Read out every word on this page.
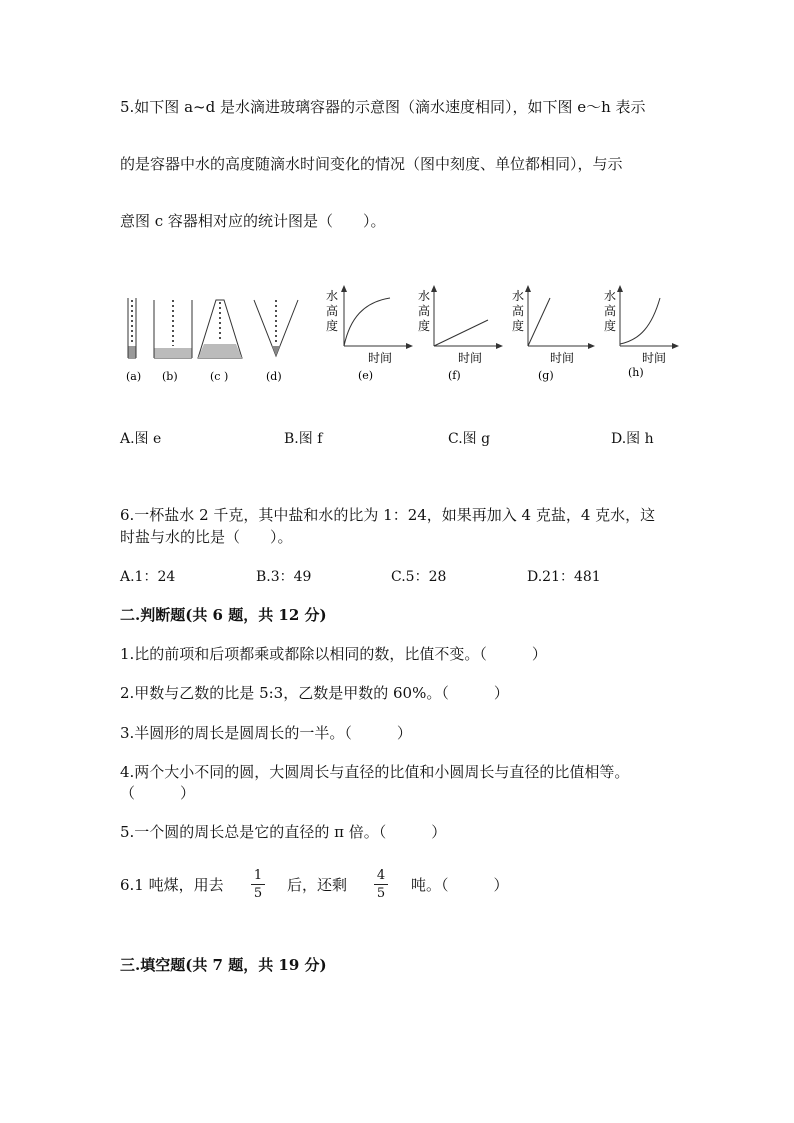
5.如下图 a~d 是水滴进玻璃容器的示意图（滴水速度相同），如下图 e～h 表示
的是容器中水的高度随滴水时间变化的情况（图中刻度、单位都相同），与示
意图 c 容器相对应的统计图是（　　）。
(a) (b)	(c )	(d)
水
高
度
时间
(e)
水
高
度
时间
(f)
水
高
度
时间
(g)
水
高
度
时间
(h)
A.图 e	B.图 f	C.图 g	D.图 h
6.一杯盐水 2 千克，其中盐和水的比为 1：24，如果再加入 4 克盐，4 克水，这
时盐与水的比是（　　）。
A.1：24	B.3：49	C.5：28	D.21：481
二.判断题(共 6 题，共 12 分)
1.比的前项和后项都乘或都除以相同的数，比值不变。（　　　）
2.甲数与乙数的比是 5:3，乙数是甲数的 60%。（　　　）
3.半圆形的周长是圆周长的一半。（　　　）
4.两个大小不同的圆，大圆周长与直径的比值和小圆周长与直径的比值相等。
（　　　）
5.一个圆的周长总是它的直径的 π 倍。（　　　）
6.1 吨煤，用去
1
5 后，还剩
4
5 吨。（　　　）
三.填空题(共 7 题，共 19 分)
